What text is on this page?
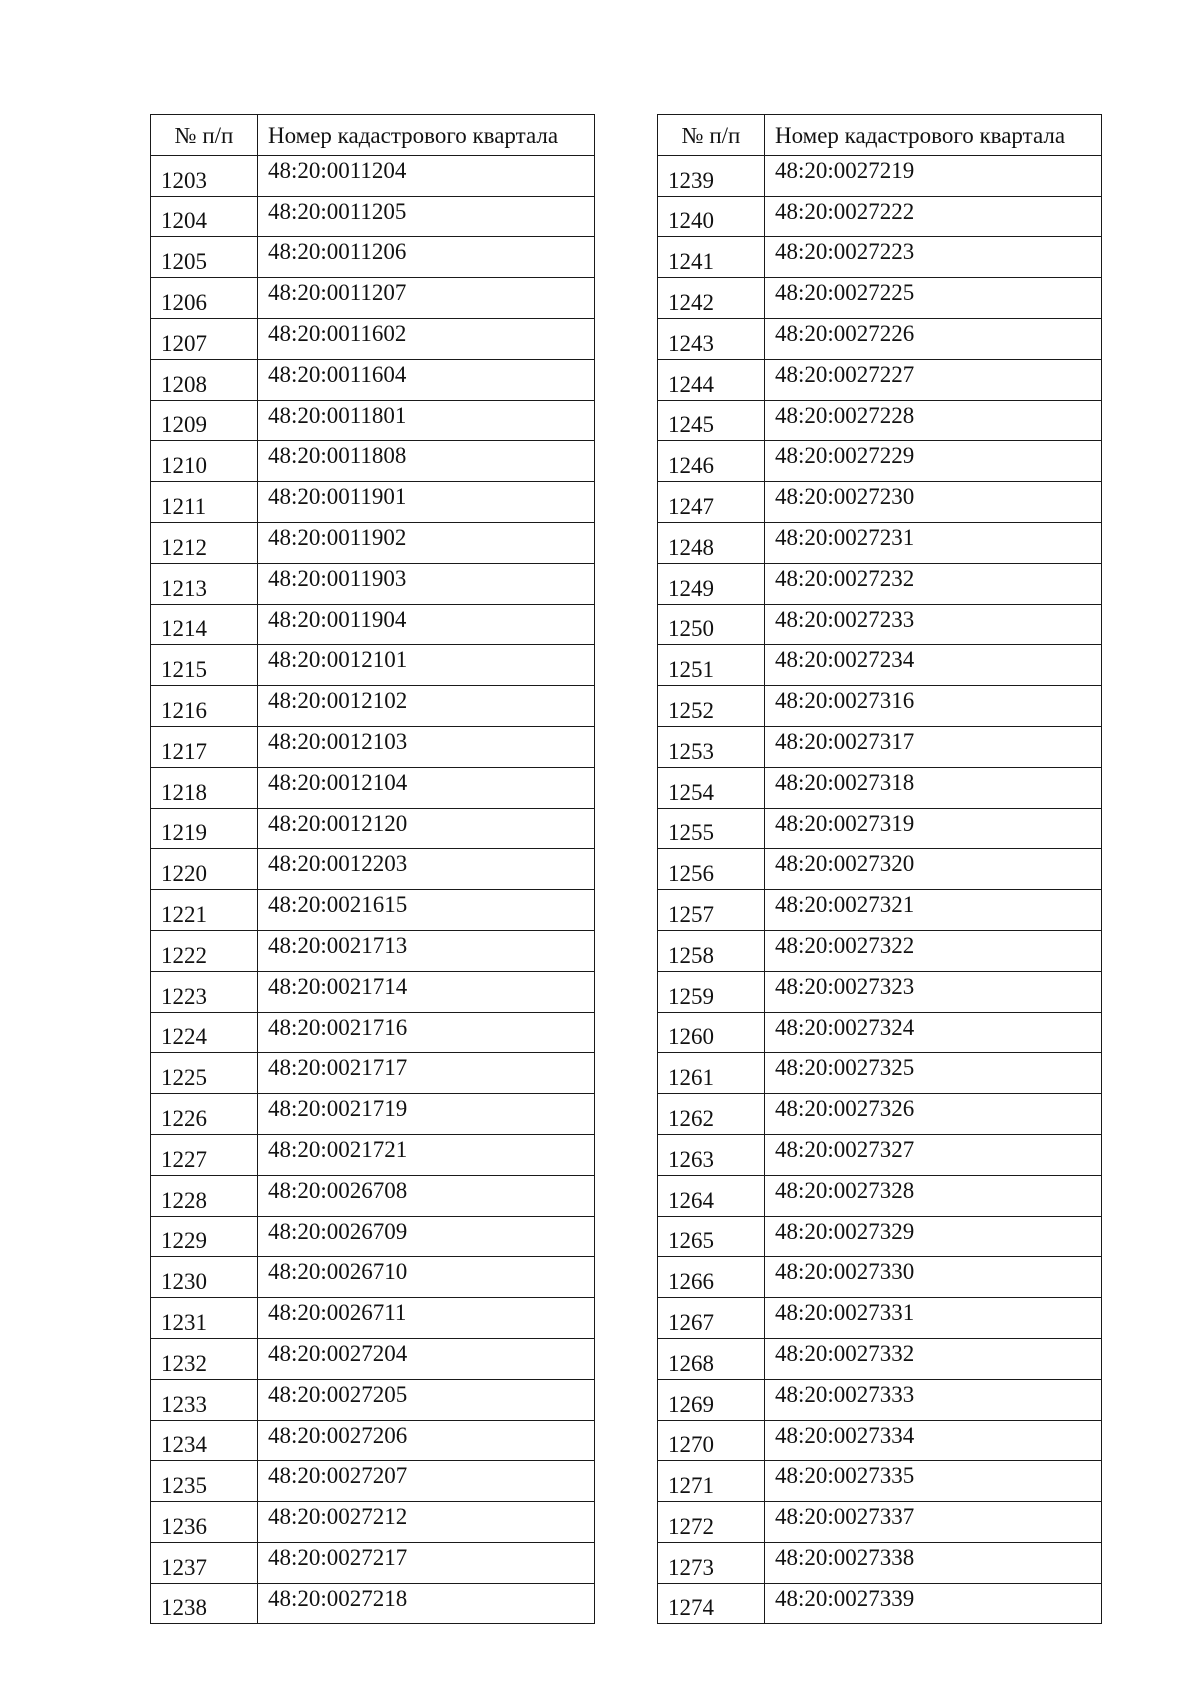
№ п/п	Номер кадастрового квартала
1203	48:20:0011204
1204	48:20:0011205
1205	48:20:0011206
1206	48:20:0011207
1207	48:20:0011602
1208	48:20:0011604
1209	48:20:0011801
1210	48:20:0011808
1211	48:20:0011901
1212	48:20:0011902
1213	48:20:0011903
1214	48:20:0011904
1215	48:20:0012101
1216	48:20:0012102
1217	48:20:0012103
1218	48:20:0012104
1219	48:20:0012120
1220	48:20:0012203
1221	48:20:0021615
1222	48:20:0021713
1223	48:20:0021714
1224	48:20:0021716
1225	48:20:0021717
1226	48:20:0021719
1227	48:20:0021721
1228	48:20:0026708
1229	48:20:0026709
1230	48:20:0026710
1231	48:20:0026711
1232	48:20:0027204
1233	48:20:0027205
1234	48:20:0027206
1235	48:20:0027207
1236	48:20:0027212
1237	48:20:0027217
1238	48:20:0027218
№ п/п	Номер кадастрового квартала
1239	48:20:0027219
1240	48:20:0027222
1241	48:20:0027223
1242	48:20:0027225
1243	48:20:0027226
1244	48:20:0027227
1245	48:20:0027228
1246	48:20:0027229
1247	48:20:0027230
1248	48:20:0027231
1249	48:20:0027232
1250	48:20:0027233
1251	48:20:0027234
1252	48:20:0027316
1253	48:20:0027317
1254	48:20:0027318
1255	48:20:0027319
1256	48:20:0027320
1257	48:20:0027321
1258	48:20:0027322
1259	48:20:0027323
1260	48:20:0027324
1261	48:20:0027325
1262	48:20:0027326
1263	48:20:0027327
1264	48:20:0027328
1265	48:20:0027329
1266	48:20:0027330
1267	48:20:0027331
1268	48:20:0027332
1269	48:20:0027333
1270	48:20:0027334
1271	48:20:0027335
1272	48:20:0027337
1273	48:20:0027338
1274	48:20:0027339
